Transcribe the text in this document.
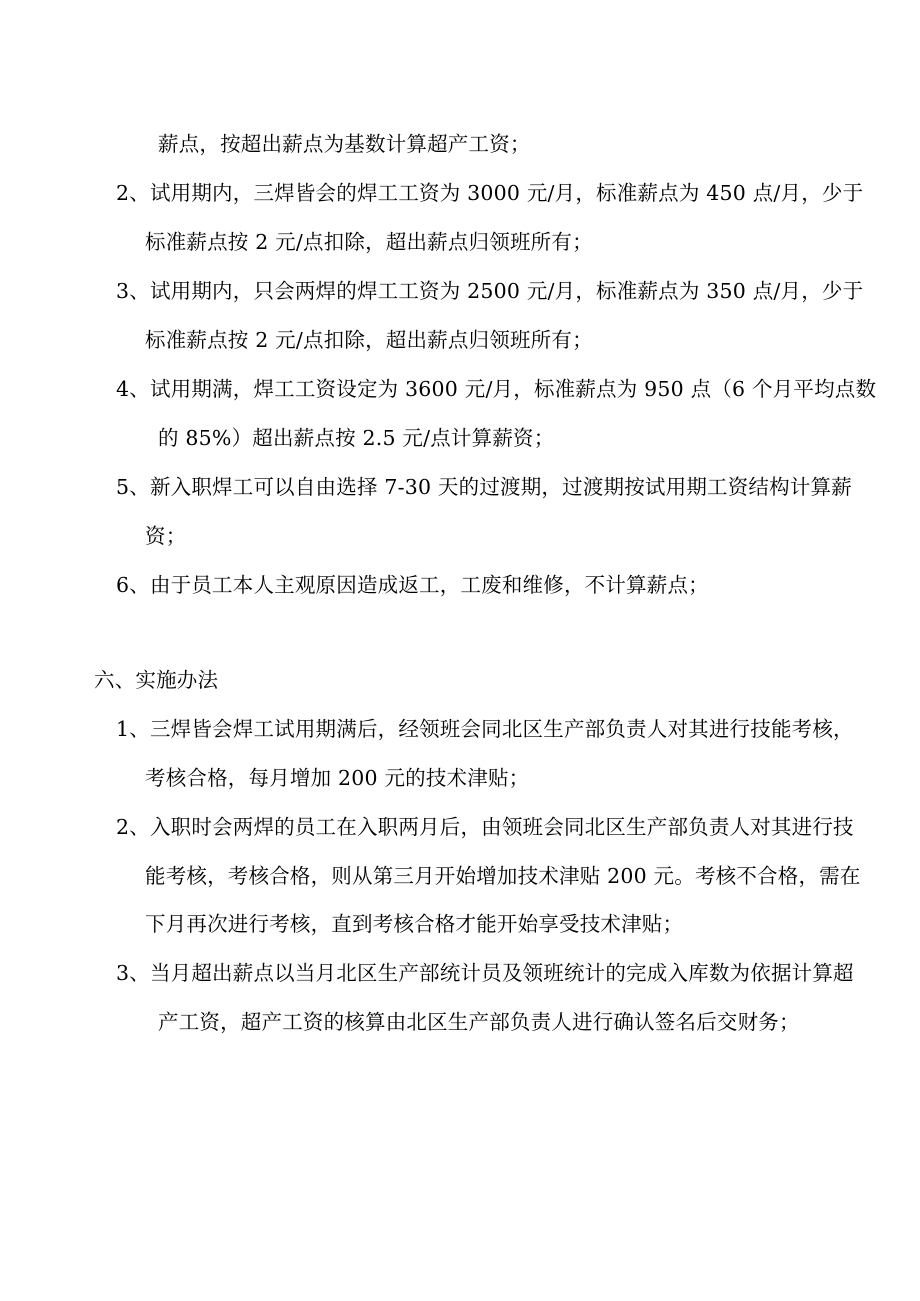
薪点，按超出薪点为基数计算超产工资；
2、试用期内，三焊皆会的焊工工资为 3000 元/月，标准薪点为 450 点/月，少于
标准薪点按 2 元/点扣除，超出薪点归领班所有；
3、试用期内，只会两焊的焊工工资为 2500 元/月，标准薪点为 350 点/月，少于
标准薪点按 2 元/点扣除，超出薪点归领班所有；
4、试用期满，焊工工资设定为 3600 元/月，标准薪点为 950 点（6 个月平均点数
的 85%）超出薪点按 2.5 元/点计算薪资；
5、新入职焊工可以自由选择 7-30 天的过渡期，过渡期按试用期工资结构计算薪
资；
6、由于员工本人主观原因造成返工，工废和维修，不计算薪点；
六、实施办法
1、三焊皆会焊工试用期满后，经领班会同北区生产部负责人对其进行技能考核，
考核合格，每月增加 200 元的技术津贴；
2、入职时会两焊的员工在入职两月后，由领班会同北区生产部负责人对其进行技
能考核，考核合格，则从第三月开始增加技术津贴 200 元。考核不合格，需在
下月再次进行考核，直到考核合格才能开始享受技术津贴；
3、当月超出薪点以当月北区生产部统计员及领班统计的完成入库数为依据计算超
产工资，超产工资的核算由北区生产部负责人进行确认签名后交财务；
